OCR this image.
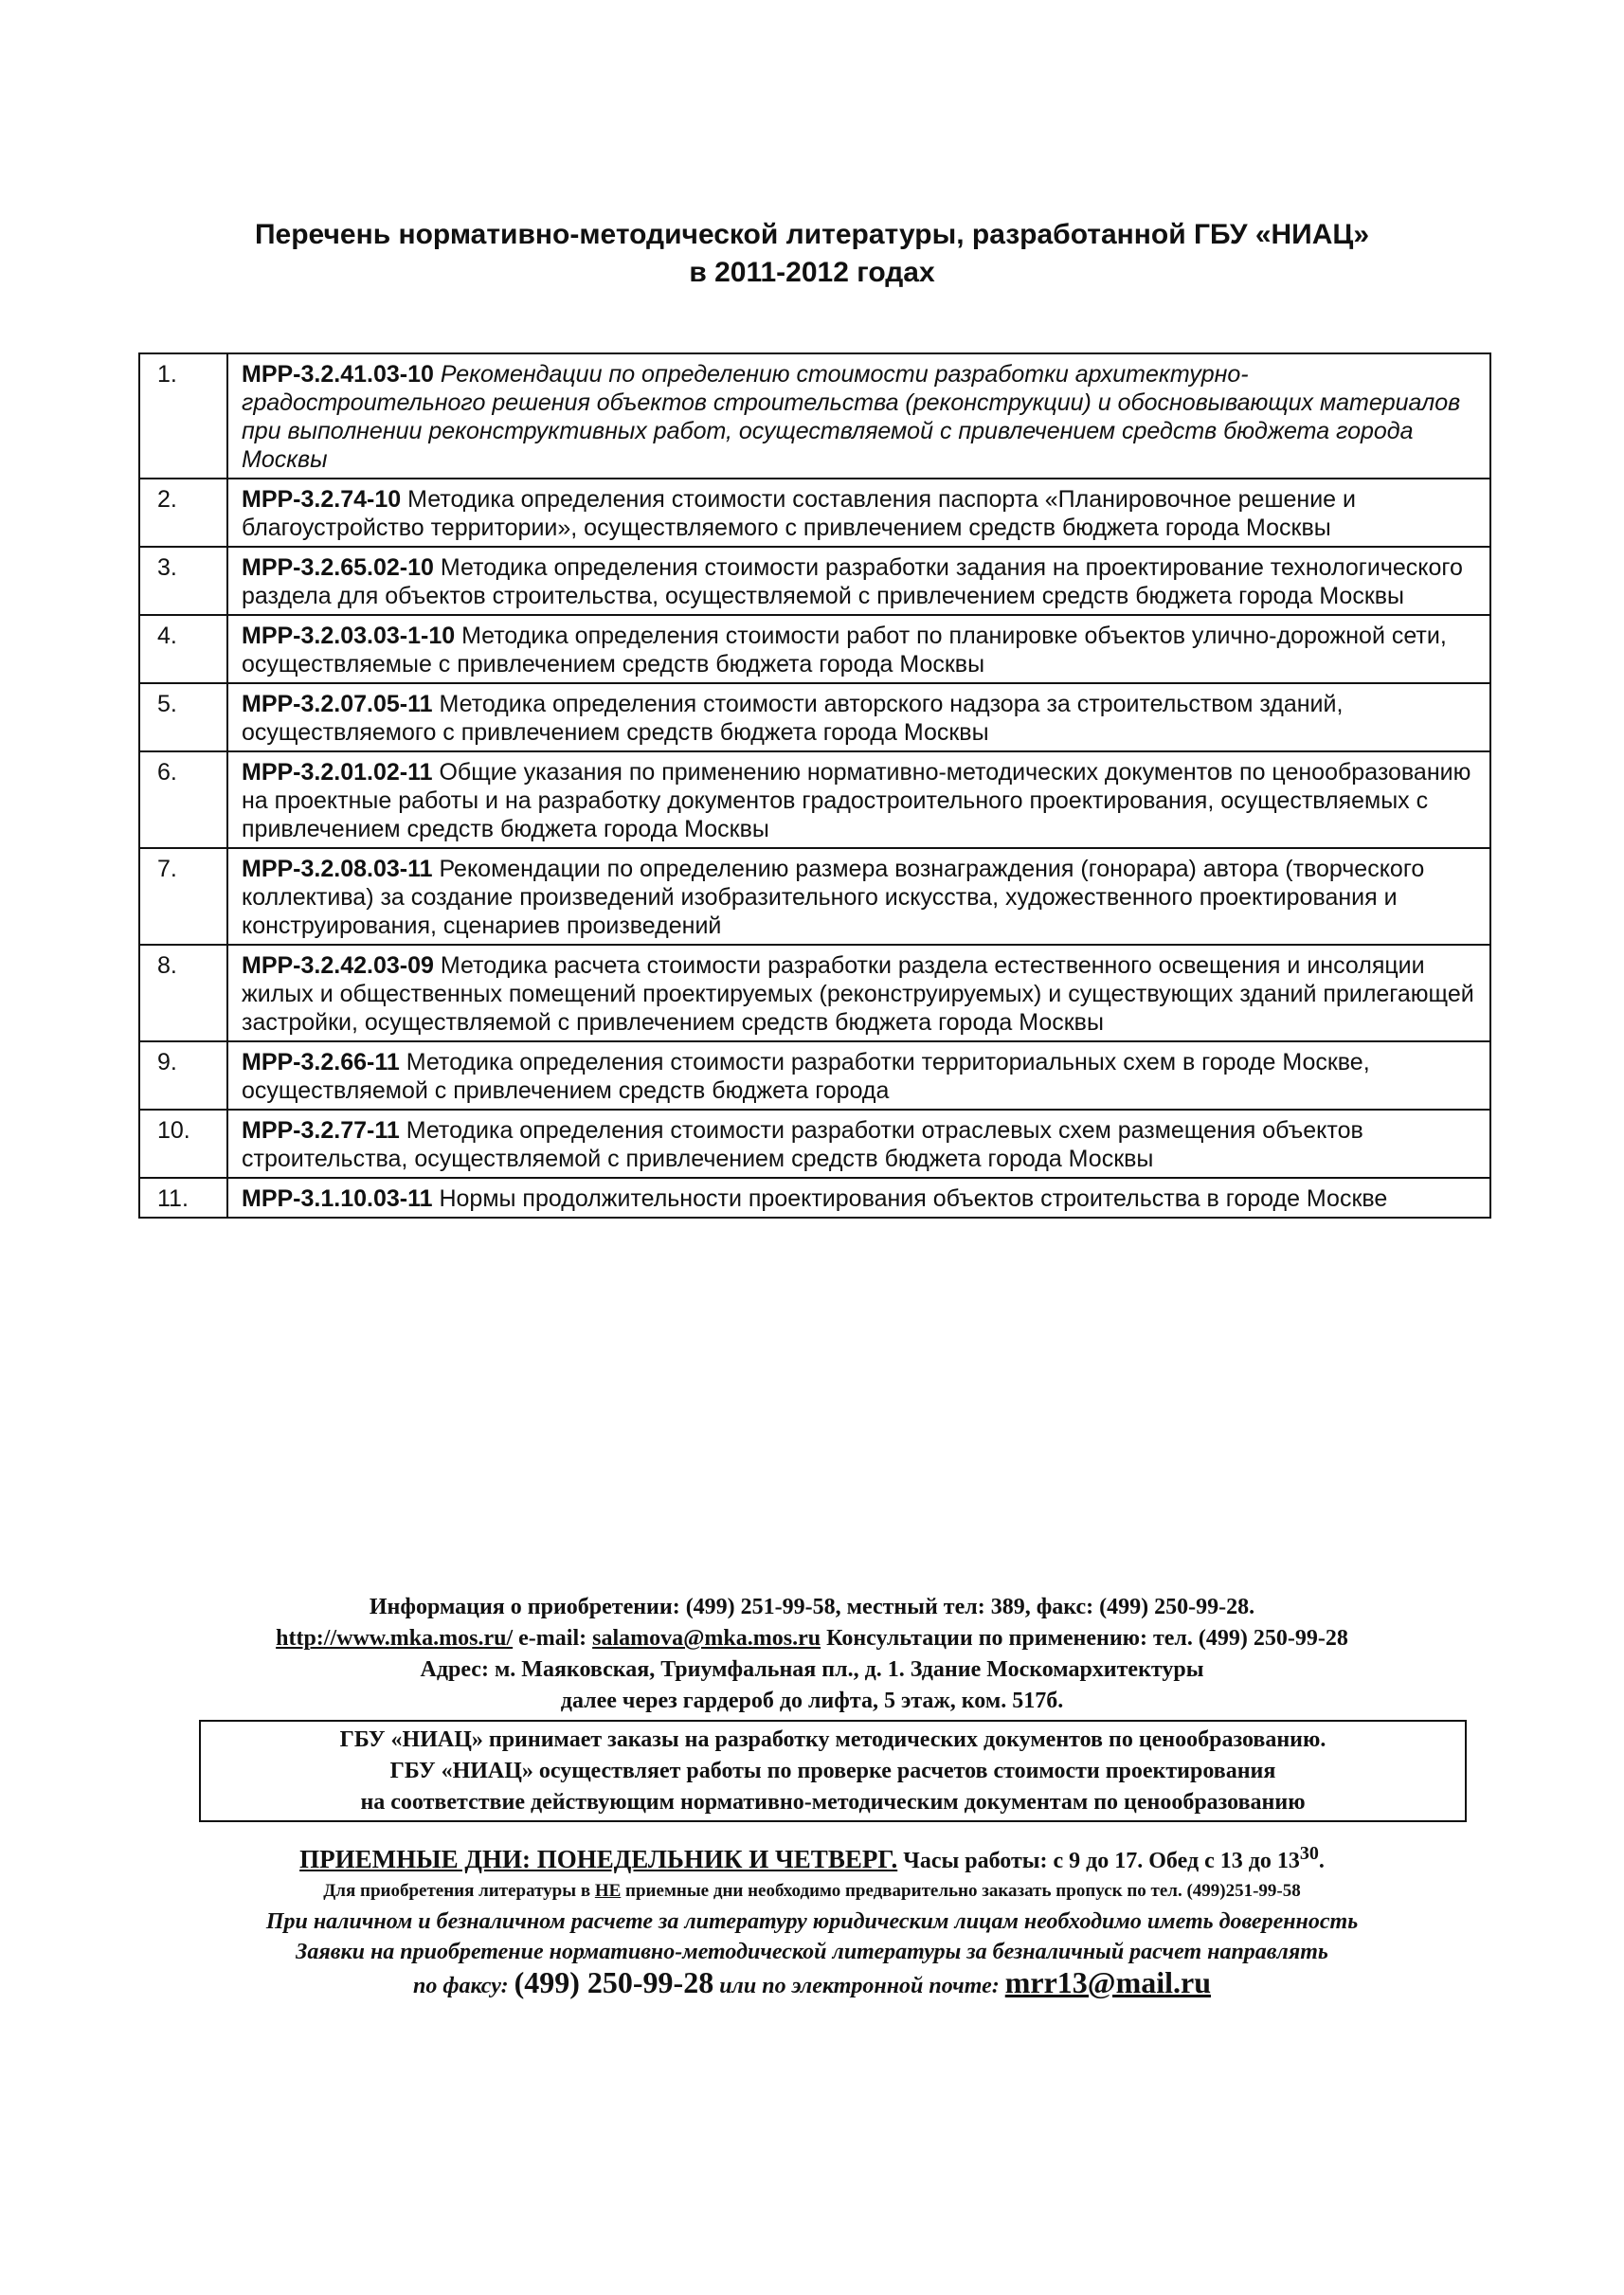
Перечень нормативно-методической литературы, разработанной ГБУ «НИАЦ»
в 2011-2012 годах
1.	МРР-3.2.41.03-10 Рекомендации по определению стоимости разработки архитектурно-градостроительного решения объектов строительства (реконструкции) и обосновывающих материалов при выполнении реконструктивных работ, осуществляемой с привлечением средств бюджета города Москвы
2.	МРР-3.2.74-10 Методика определения стоимости составления паспорта «Планировочное решение и благоустройство территории», осуществляемого с привлечением средств бюджета города Москвы
3.	МРР-3.2.65.02-10 Методика определения стоимости разработки задания на проектирование технологического раздела для объектов строительства, осуществляемой с привлечением средств бюджета города Москвы
4.	МРР-3.2.03.03-1-10 Методика определения стоимости работ по планировке объектов улично-дорожной сети, осуществляемые с привлечением средств бюджета города Москвы
5.	МРР-3.2.07.05-11 Методика определения стоимости авторского надзора за строительством зданий, осуществляемого с привлечением средств бюджета города Москвы
6.	МРР-3.2.01.02-11 Общие указания по применению нормативно-методических документов по ценообразованию на проектные работы и на разработку документов градостроительного проектирования, осуществляемых с привлечением средств бюджета города Москвы
7.	МРР-3.2.08.03-11 Рекомендации по определению размера вознаграждения (гонорара) автора (творческого коллектива) за создание произведений изобразительного искусства, художественного проектирования и конструирования, сценариев произведений
8.	МРР-3.2.42.03-09 Методика расчета стоимости разработки раздела естественного освещения и инсоляции жилых и общественных помещений проектируемых (реконструируемых) и существующих зданий прилегающей застройки, осуществляемой с привлечением средств бюджета города Москвы
9.	МРР-3.2.66-11 Методика определения стоимости разработки территориальных схем в городе Москве, осуществляемой с привлечением средств бюджета города
10.	МРР-3.2.77-11 Методика определения стоимости разработки отраслевых схем размещения объектов строительства, осуществляемой с привлечением средств бюджета города Москвы
11.	МРР-3.1.10.03-11 Нормы продолжительности проектирования объектов строительства в городе Москве
Информация о приобретении: (499) 251-99-58, местный тел: 389, факс: (499) 250-99-28.
http://www.mka.mos.ru/ e-mail: salamova@mka.mos.ru Консультации по применению: тел. (499) 250-99-28
Адрес: м. Маяковская, Триумфальная пл., д. 1. Здание Москомархитектуры
далее через гардероб до лифта, 5 этаж, ком. 517б.
ГБУ «НИАЦ» принимает заказы на разработку методических документов по ценообразованию.
ГБУ «НИАЦ» осуществляет работы по проверке расчетов стоимости проектирования
на соответствие действующим нормативно-методическим документам по ценообразованию
ПРИЕМНЫЕ ДНИ: ПОНЕДЕЛЬНИК И ЧЕТВЕРГ. Часы работы: с 9 до 17. Обед с 13 до $13^{30}$.
Для приобретения литературы в НЕ приемные дни необходимо предварительно заказать пропуск по тел. (499)251-99-58
При наличном и безналичном расчете за литературу юридическим лицам необходимо иметь доверенность
Заявки на приобретение нормативно-методической литературы за безналичный расчет направлять
по факсу: (499) 250-99-28 или по электронной почте: mrr13@mail.ru
